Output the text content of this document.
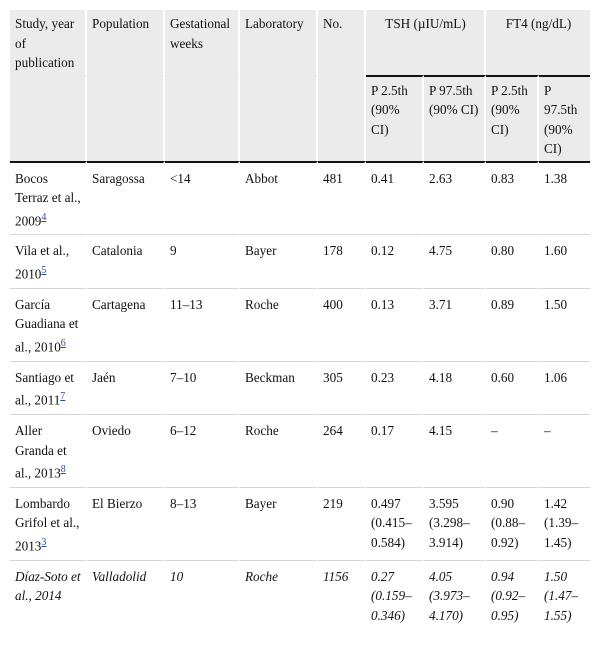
Study, year of publication	Population	Gestational weeks	Laboratory	No.	TSH (µIU/mL)		FT4 (ng/dL)	
					P 2.5th (90% CI)	P 97.5th (90% CI)	P 2.5th (90% CI)	P 97.5th (90% CI)
Bocos Terraz et al., 2009$^4$	Saragossa	<14	Abbot	481	0.41	2.63	0.83	1.38
Vila et al., 2010$^5$	Catalonia	9	Bayer	178	0.12	4.75	0.80	1.60
García Guadiana et al., 2010$^6$	Cartagena	11–13	Roche	400	0.13	3.71	0.89	1.50
Santiago et al., 2011$^7$	Jaén	7–10	Beckman	305	0.23	4.18	0.60	1.06
Aller Granda et al., 2013$^8$	Oviedo	6–12	Roche	264	0.17	4.15	–	–
Lombardo Grifol et al., 2013$^3$	El Bierzo	8–13	Bayer	219	0.497 (0.415–0.584)	3.595 (3.298–3.914)	0.90 (0.88–0.92)	1.42 (1.39–1.45)
Díaz-Soto et al., 2014	Valladolid	10	Roche	1156	0.27 (0.159–0.346)	4.05 (3.973–4.170)	0.94 (0.92–0.95)	1.50 (1.47–1.55)
